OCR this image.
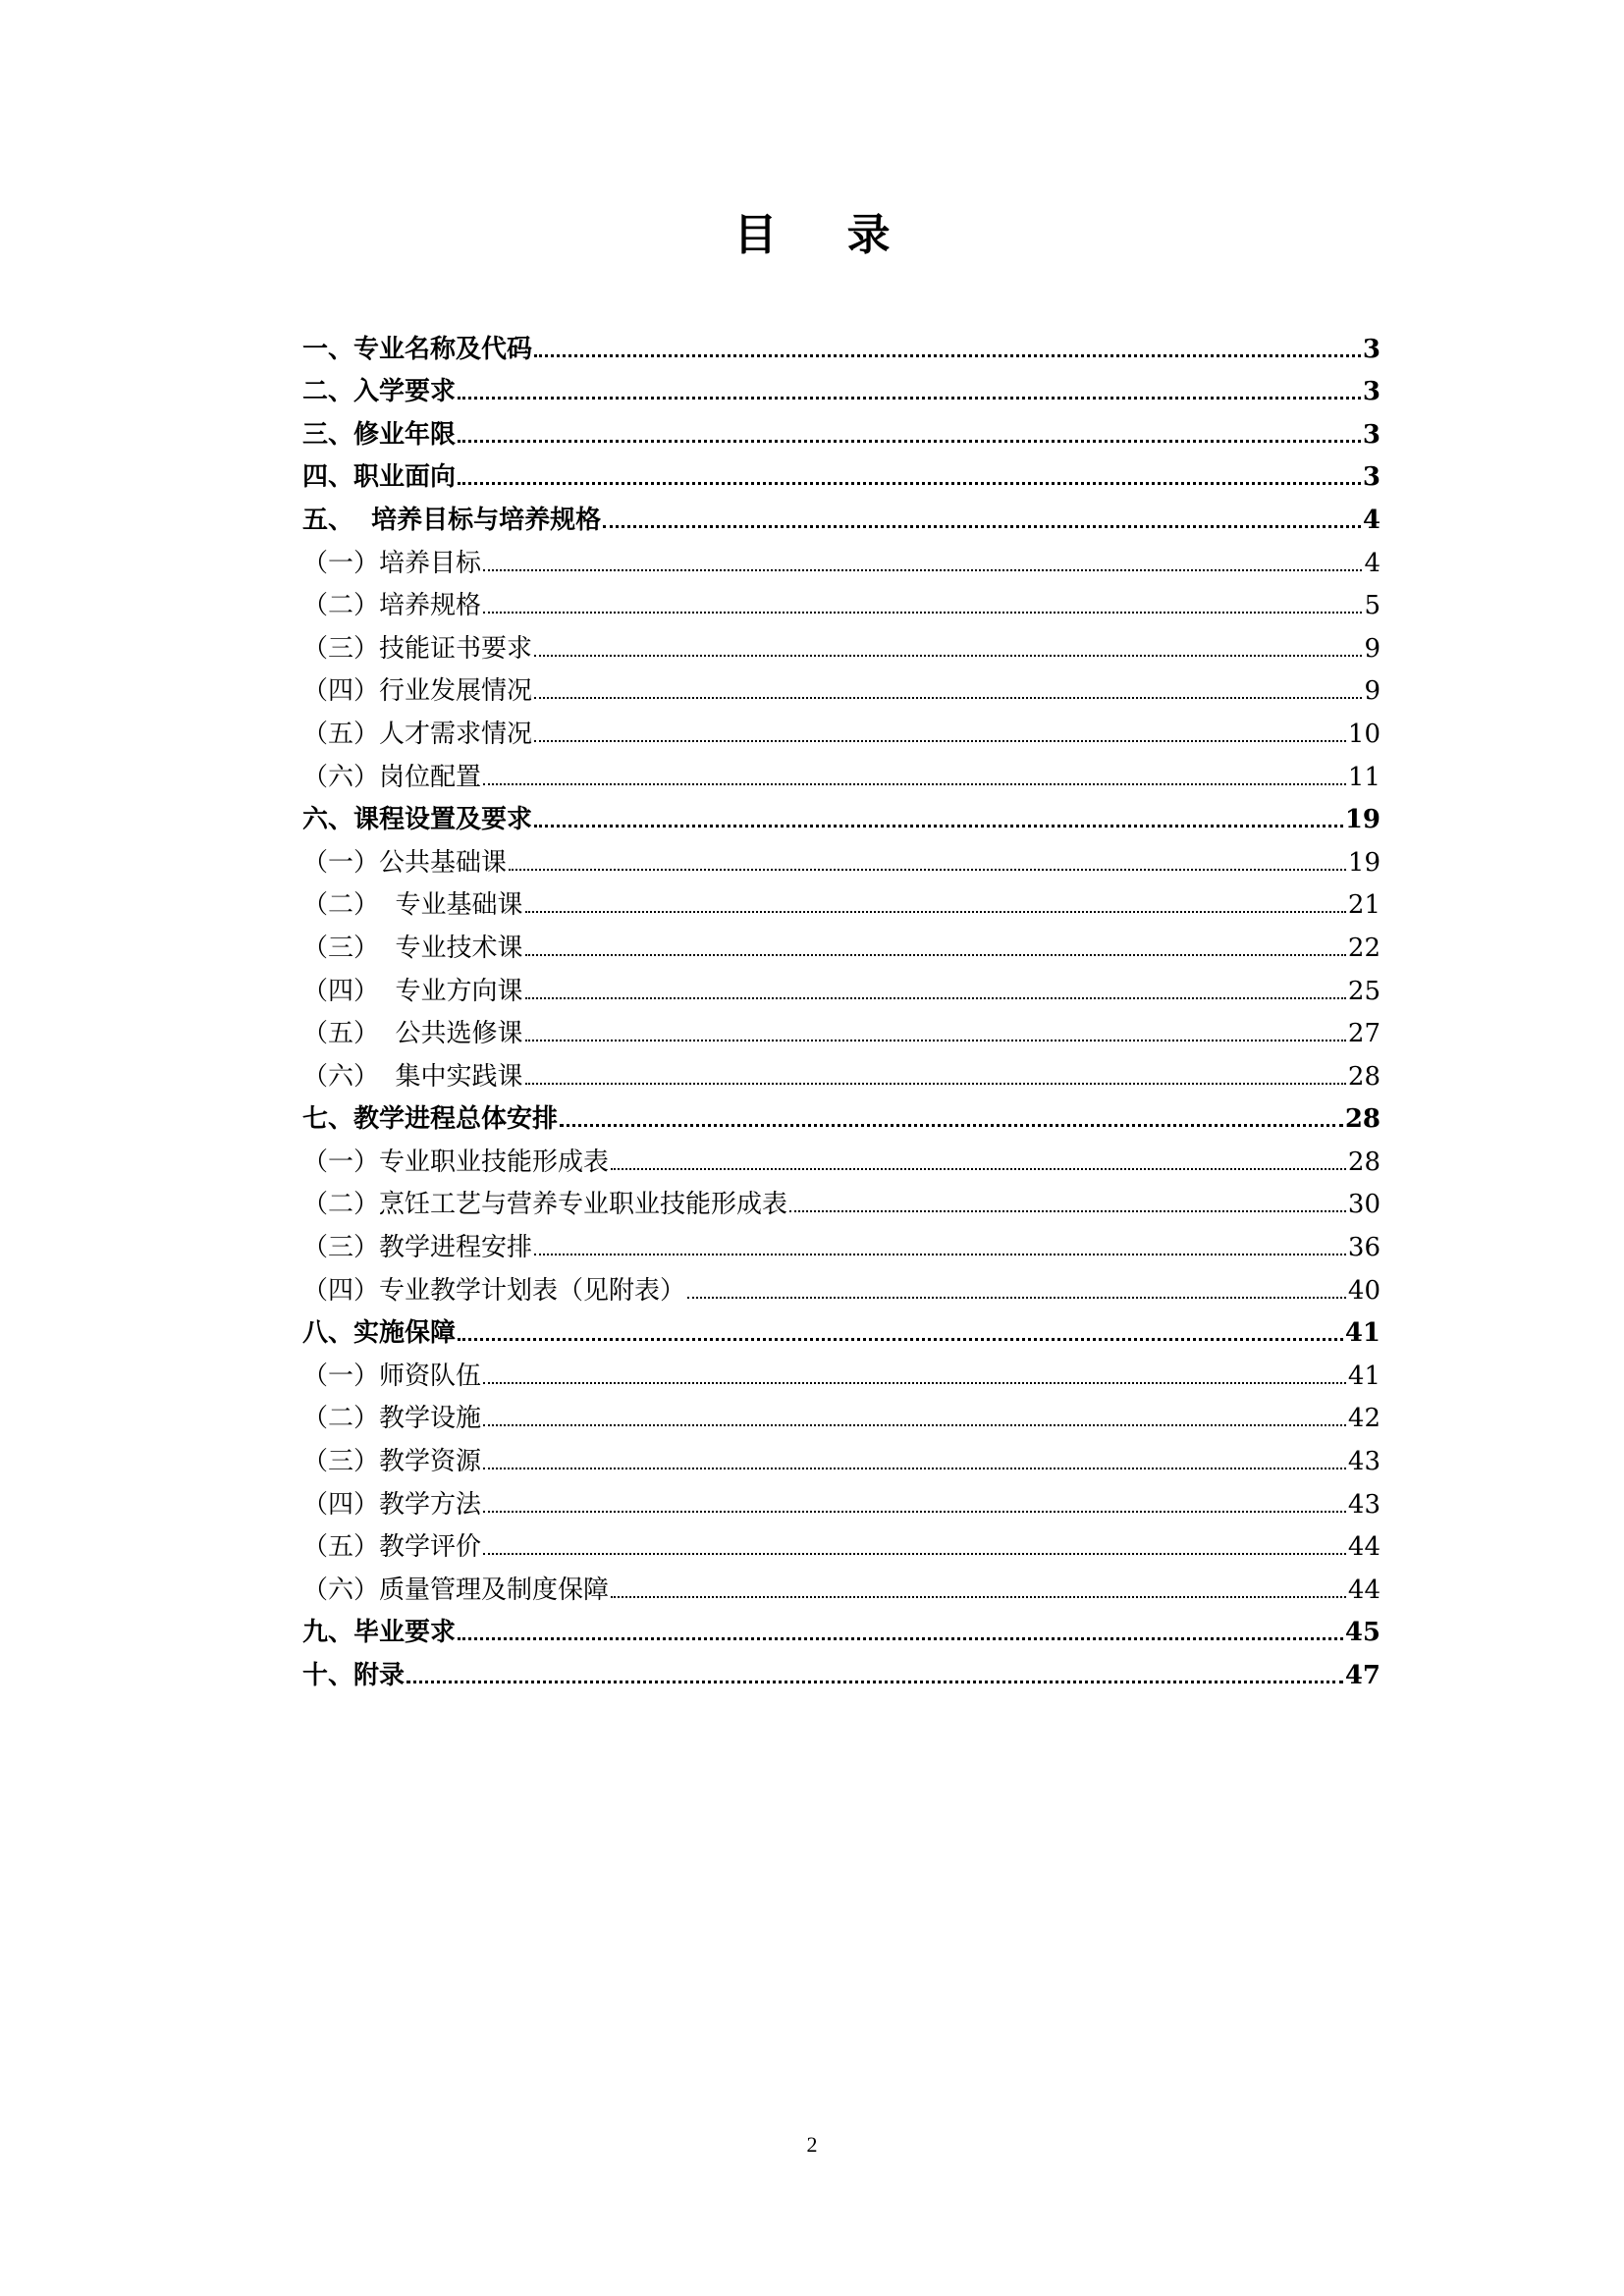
目 录
一、专业名称及代码	3
二、入学要求	3
三、修业年限	3
四、职业面向	3
五、  培养目标与培养规格	4
（一）培养目标	4
（二）培养规格	5
（三）技能证书要求	9
（四）行业发展情况	9
（五）人才需求情况	10
（六）岗位配置	11
六、课程设置及要求	19
（一）公共基础课	19
（二）  专业基础课	21
（三）  专业技术课	22
（四）  专业方向课	25
（五）  公共选修课	27
（六）  集中实践课	28
七、教学进程总体安排	28
（一）专业职业技能形成表	28
（二）烹饪工艺与营养专业职业技能形成表	30
（三）教学进程安排	36
（四）专业教学计划表（见附表）	40
八、实施保障	41
（一）师资队伍	41
（二）教学设施	42
（三）教学资源	43
（四）教学方法	43
（五）教学评价	44
（六）质量管理及制度保障	44
九、毕业要求	45
十、附录	47
2
